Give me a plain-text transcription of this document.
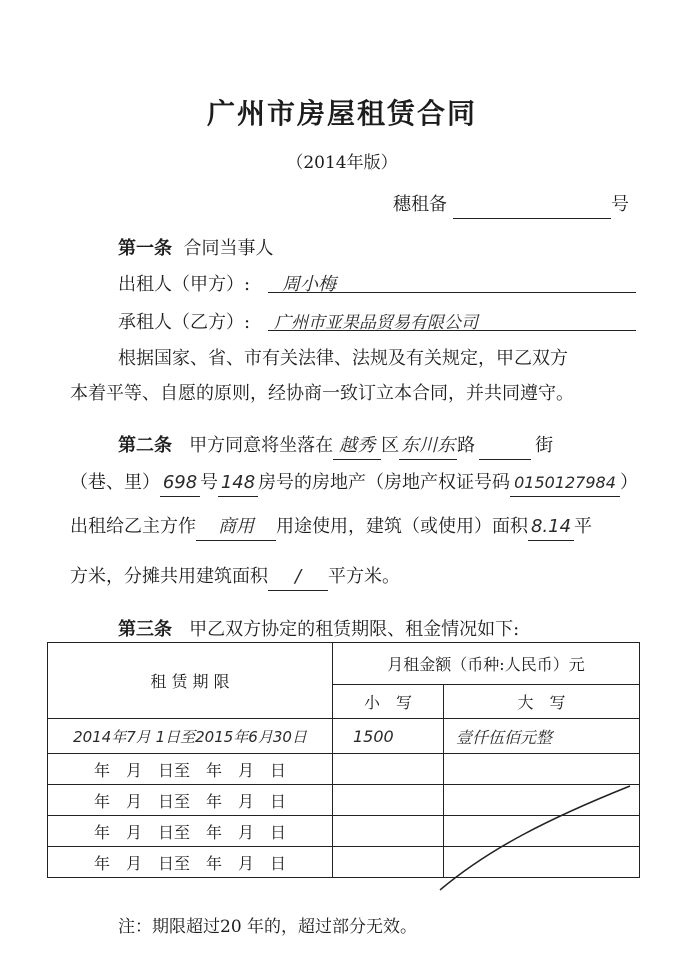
广州市房屋租赁合同
（2014年版）
穗租备	号
第一条 合同当事人
出租人（甲方）: 周小梅
承租人（乙方）: 广州市亚果品贸易有限公司
根据国家、省、市有关法律、法规及有关规定，甲乙双方
本着平等、自愿的原则，经协商一致订立本合同，并共同遵守。
第二条 甲方同意将坐落在 越秀 区 东川东 路	街
（巷、里） 698 号 148 房号的房地产（房地产权证号码 0150127984 ）
出租给乙主方作 商用 用途使用，建筑（或使用）面积 8.14 平
方米，分摊共用建筑面积 / 平方米。
第三条 甲乙双方协定的租赁期限、租金情况如下:
租 赁 期 限	月租金额（币种:人民币）元	
	小　写	大　写
2014年7月 1日至2015年6月30日	1500	壹仟伍佰元整
年　月　日至　年　月　日		
年　月　日至　年　月　日		
年　月　日至　年　月　日		
年　月　日至　年　月　日		
注：期限超过20 年的，超过部分无效。
